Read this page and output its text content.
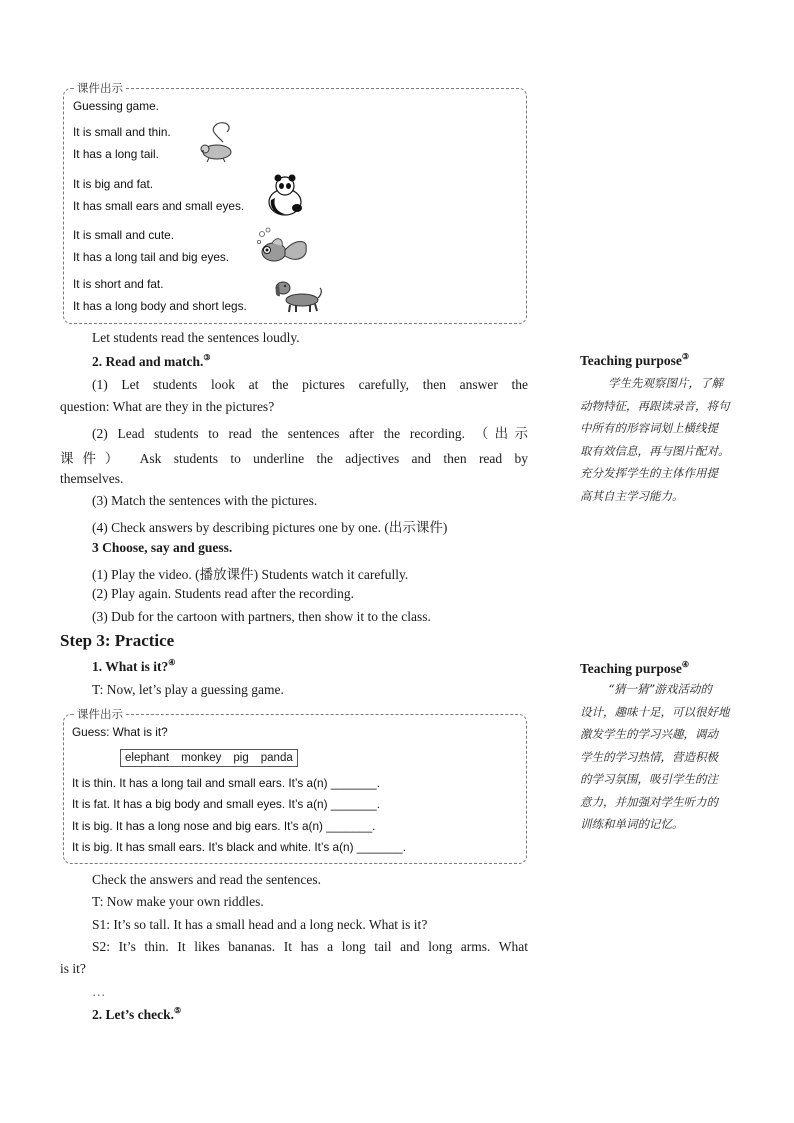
课件出示
Guessing game.
It is small and thin.
It has a long tail.
It is big and fat.
It has small ears and small eyes.
It is small and cute.
It has a long tail and big eyes.
It is short and fat.
It has a long body and short legs.
Let students read the sentences loudly.
2. Read and match.③
(1) Let students look at the pictures carefully, then answer the
question: What are they in the pictures?
(2) Lead students to read the sentences after the recording. （出示
课件） Ask students to underline the adjectives and then read by
themselves.
(3) Match the sentences with the pictures.
(4) Check answers by describing pictures one by one. (出示课件)
3 Choose, say and guess.
(1) Play the video. (播放课件) Students watch it carefully.
(2) Play again. Students read after the recording.
(3) Dub for the cartoon with partners, then show it to the class.
Step 3: Practice
1. What is it?④
T: Now, let’s play a guessing game.
课件出示
Guess: What is it?
elephant monkey pig panda
It is thin. It has a long tail and small ears. It’s a(n) _______.
It is fat. It has a big body and small eyes. It’s a(n) _______.
It is big. It has a long nose and big ears. It’s a(n) _______.
It is big. It has small ears. It’s black and white. It’s a(n) _______.
Check the answers and read the sentences.
T: Now make your own riddles.
S1: It’s so tall. It has a small head and a long neck. What is it?
S2: It’s thin. It likes bananas. It has a long tail and long arms. What
is it?
…
2. Let’s check.⑤
Teaching purpose③
学生先观察图片，了解
动物特征，再跟读录音，将句
中所有的形容词划上横线提
取有效信息，再与图片配对。
充分发挥学生的主体作用提
高其自主学习能力。
Teaching purpose④
“猜一猜”游戏活动的
设计，趣味十足，可以很好地
激发学生的学习兴趣，调动
学生的学习热情，营造积极
的学习氛围，吸引学生的注
意力，并加强对学生听力的
训练和单词的记忆。
